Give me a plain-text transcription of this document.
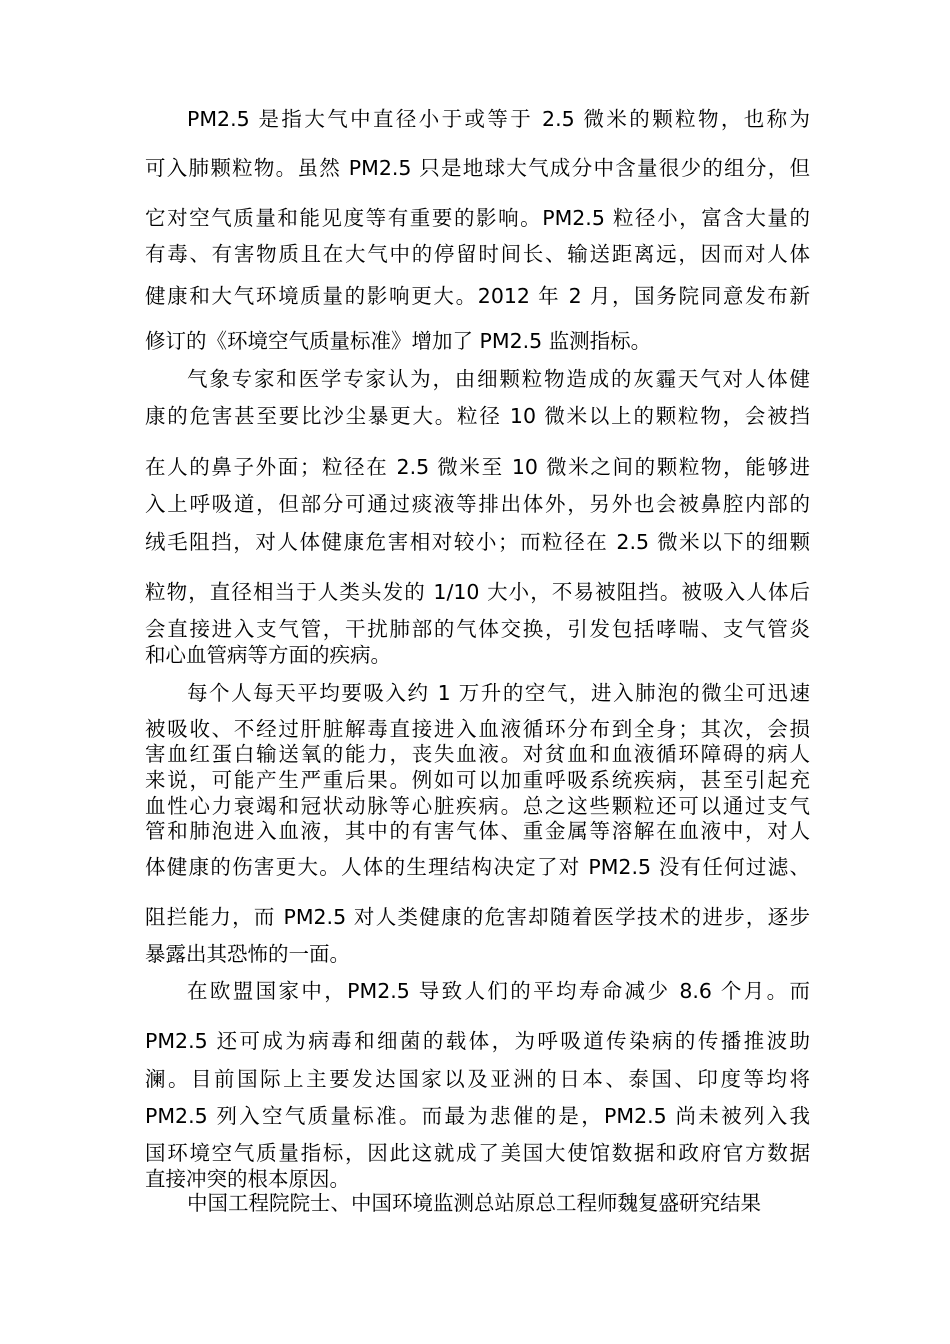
PM2.5 是指大气中直径小于或等于 2.5 微米的颗粒物，也称为
可入肺颗粒物。虽然 PM2.5 只是地球大气成分中含量很少的组分，但
它对空气质量和能见度等有重要的影响。PM2.5 粒径小，富含大量的
有毒、有害物质且在大气中的停留时间长、输送距离远，因而对人体
健康和大气环境质量的影响更大。2012 年 2 月，国务院同意发布新
修订的《环境空气质量标准》增加了 PM2.5 监测指标。
气象专家和医学专家认为，由细颗粒物造成的灰霾天气对人体健
康的危害甚至要比沙尘暴更大。粒径 10 微米以上的颗粒物，会被挡
在人的鼻子外面；粒径在 2.5 微米至 10 微米之间的颗粒物，能够进
入上呼吸道，但部分可通过痰液等排出体外，另外也会被鼻腔内部的
绒毛阻挡，对人体健康危害相对较小；而粒径在 2.5 微米以下的细颗
粒物，直径相当于人类头发的 1/10 大小，不易被阻挡。被吸入人体后
会直接进入支气管，干扰肺部的气体交换，引发包括哮喘、支气管炎
和心血管病等方面的疾病。
每个人每天平均要吸入约 1 万升的空气，进入肺泡的微尘可迅速
被吸收、不经过肝脏解毒直接进入血液循环分布到全身；其次，会损
害血红蛋白输送氧的能力，丧失血液。对贫血和血液循环障碍的病人
来说，可能产生严重后果。例如可以加重呼吸系统疾病，甚至引起充
血性心力衰竭和冠状动脉等心脏疾病。总之这些颗粒还可以通过支气
管和肺泡进入血液，其中的有害气体、重金属等溶解在血液中，对人
体健康的伤害更大。人体的生理结构决定了对 PM2.5 没有任何过滤、
阻拦能力，而 PM2.5 对人类健康的危害却随着医学技术的进步，逐步
暴露出其恐怖的一面。
在欧盟国家中，PM2.5 导致人们的平均寿命减少 8.6 个月。而
PM2.5 还可成为病毒和细菌的载体，为呼吸道传染病的传播推波助
澜。目前国际上主要发达国家以及亚洲的日本、泰国、印度等均将
PM2.5 列入空气质量标准。而最为悲催的是，PM2.5 尚未被列入我
国环境空气质量指标，因此这就成了美国大使馆数据和政府官方数据
直接冲突的根本原因。
中国工程院院士、中国环境监测总站原总工程师魏复盛研究结果
